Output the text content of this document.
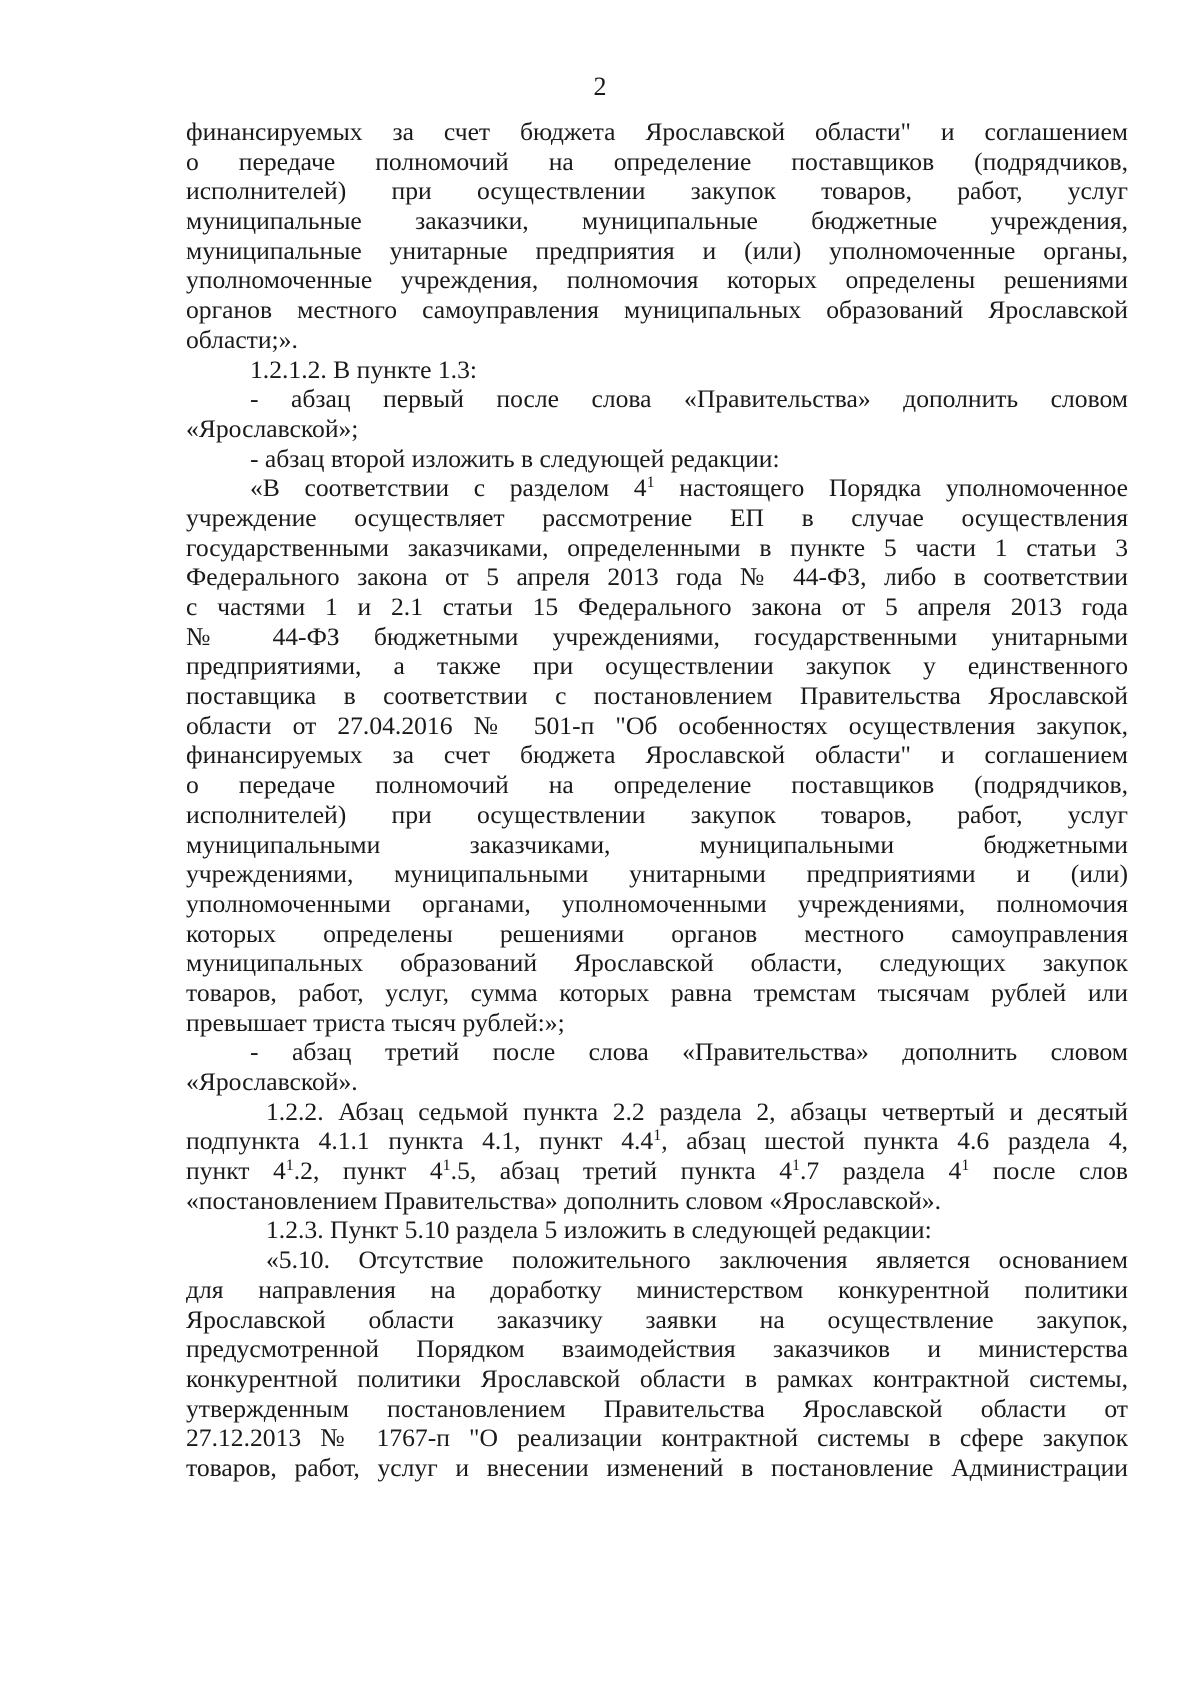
2
финансируемых за счет бюджета Ярославской области" и соглашением
о передаче полномочий на определение поставщиков (подрядчиков,
исполнителей) при осуществлении закупок товаров, работ, услуг
муниципальные заказчики, муниципальные бюджетные учреждения,
муниципальные унитарные предприятия и (или) уполномоченные органы,
уполномоченные учреждения, полномочия которых определены решениями
органов местного самоуправления муниципальных образований Ярославской
области;».
1.2.1.2. В пункте 1.3:
- абзац первый после слова «Правительства» дополнить словом
«Ярославской»;
- абзац второй изложить в следующей редакции:
«В соответствии с разделом $4^1$ настоящего Порядка уполномоченное
учреждение осуществляет рассмотрение ЕП в случае осуществления
государственными заказчиками, определенными в пункте 5 части 1 статьи 3
Федерального закона от 5 апреля 2013 года № 44-ФЗ, либо в соответствии
с частями 1 и 2.1 статьи 15 Федерального закона от 5 апреля 2013 года
№ 44-ФЗ бюджетными учреждениями, государственными унитарными
предприятиями, а также при осуществлении закупок у единственного
поставщика в соответствии с постановлением Правительства Ярославской
области от 27.04.2016 № 501-п "Об особенностях осуществления закупок,
финансируемых за счет бюджета Ярославской области" и соглашением
о передаче полномочий на определение поставщиков (подрядчиков,
исполнителей) при осуществлении закупок товаров, работ, услуг
муниципальными заказчиками, муниципальными бюджетными
учреждениями, муниципальными унитарными предприятиями и (или)
уполномоченными органами, уполномоченными учреждениями, полномочия
которых определены решениями органов местного самоуправления
муниципальных образований Ярославской области, следующих закупок
товаров, работ, услуг, сумма которых равна тремстам тысячам рублей или
превышает триста тысяч рублей:»;
- абзац третий после слова «Правительства» дополнить словом
«Ярославской».
1.2.2. Абзац седьмой пункта 2.2 раздела 2, абзацы четвертый и десятый
подпункта 4.1.1 пункта 4.1, пункт $4.4^1$, абзац шестой пункта 4.6 раздела 4,
пункт $4^1.2$, пункт $4^1.5$, абзац третий пункта $4^1.7$ раздела $4^1$ после слов
«постановлением Правительства» дополнить словом «Ярославской».
1.2.3. Пункт 5.10 раздела 5 изложить в следующей редакции:
«5.10. Отсутствие положительного заключения является основанием
для направления на доработку министерством конкурентной политики
Ярославской области заказчику заявки на осуществление закупок,
предусмотренной Порядком взаимодействия заказчиков и министерства
конкурентной политики Ярославской области в рамках контрактной системы,
утвержденным постановлением Правительства Ярославской области от
27.12.2013 № 1767-п "О реализации контрактной системы в сфере закупок
товаров, работ, услуг и внесении изменений в постановление Администрации
